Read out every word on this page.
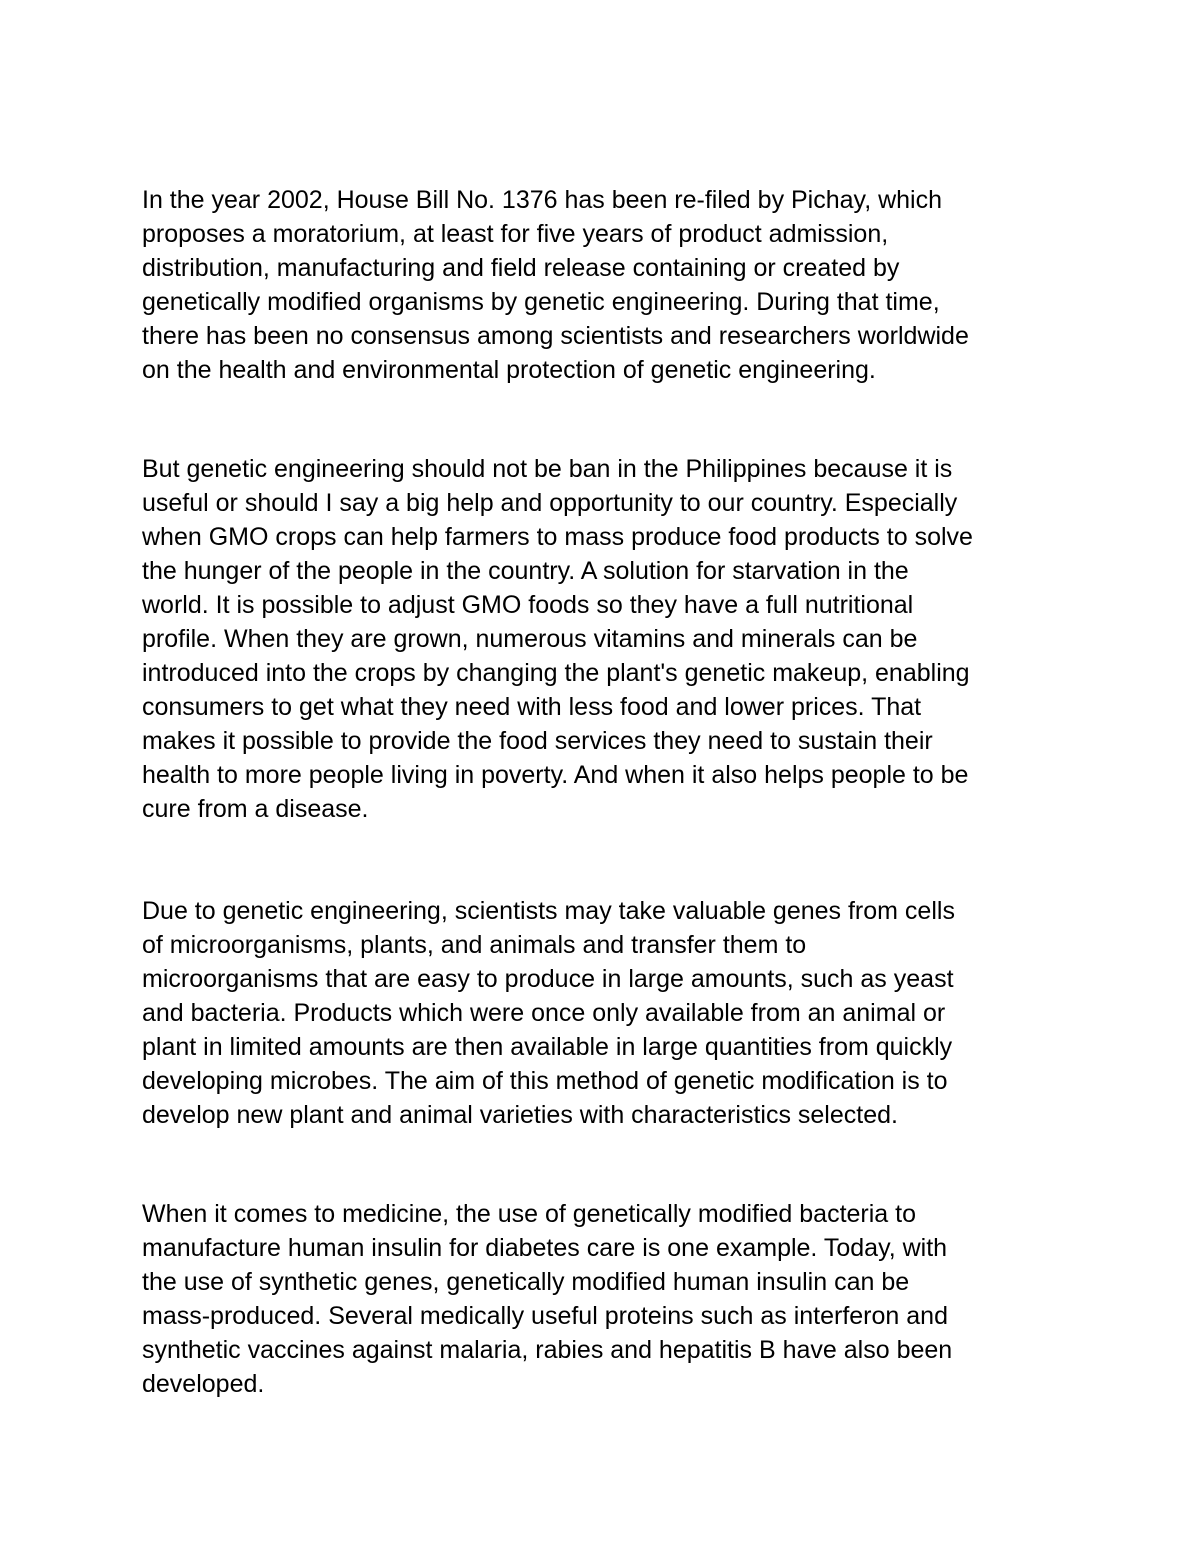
In the year 2002, House Bill No. 1376 has been re-filed by Pichay, which
proposes a moratorium, at least for five years of product admission,
distribution, manufacturing and field release containing or created by
genetically modified organisms by genetic engineering. During that time,
there has been no consensus among scientists and researchers worldwide
on the health and environmental protection of genetic engineering.
But genetic engineering should not be ban in the Philippines because it is
useful or should I say a big help and opportunity to our country. Especially
when GMO crops can help farmers to mass produce food products to solve
the hunger of the people in the country. A solution for starvation in the
world. It is possible to adjust GMO foods so they have a full nutritional
profile. When they are grown, numerous vitamins and minerals can be
introduced into the crops by changing the plant's genetic makeup, enabling
consumers to get what they need with less food and lower prices. That
makes it possible to provide the food services they need to sustain their
health to more people living in poverty. And when it also helps people to be
cure from a disease.
Due to genetic engineering, scientists may take valuable genes from cells
of microorganisms, plants, and animals and transfer them to
microorganisms that are easy to produce in large amounts, such as yeast
and bacteria. Products which were once only available from an animal or
plant in limited amounts are then available in large quantities from quickly
developing microbes. The aim of this method of genetic modification is to
develop new plant and animal varieties with characteristics selected.
When it comes to medicine, the use of genetically modified bacteria to
manufacture human insulin for diabetes care is one example. Today, with
the use of synthetic genes, genetically modified human insulin can be
mass-produced. Several medically useful proteins such as interferon and
synthetic vaccines against malaria, rabies and hepatitis B have also been
developed.
